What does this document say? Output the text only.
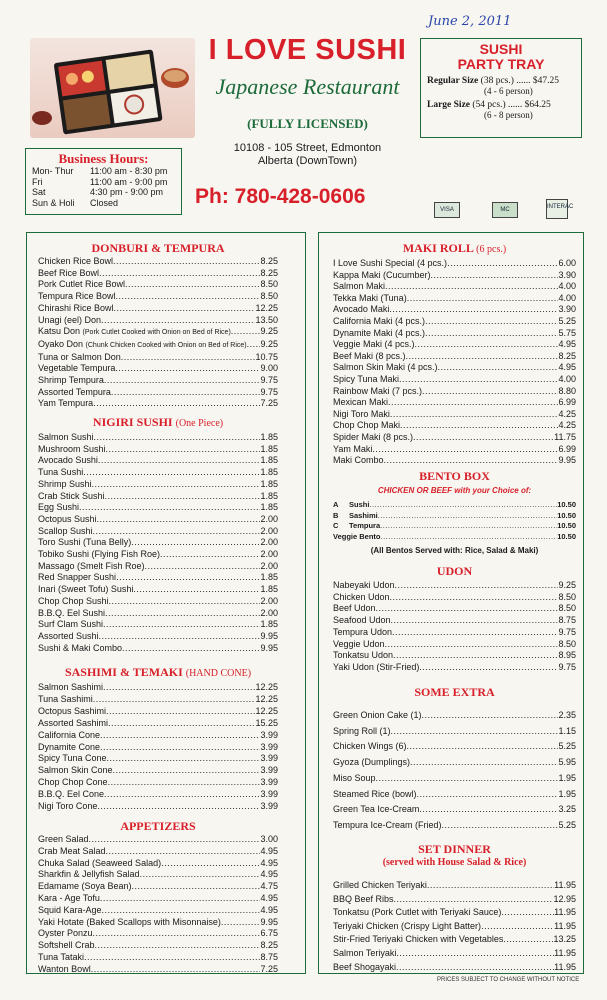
June 2, 2011
I LOVE SUSHI
Japanese Restaurant
(FULLY LICENSED)
SUSHI
PARTY TRAY
Regular Size
(38 pcs.) ......
$47.25
(4 - 6 person)
Large Size
(54 pcs.) ......
$64.25
(6 - 8 person)
Business Hours:
Mon- Thur	11:00 am - 8:30 pm
Fri	11:00 am - 9:00 pm
Sat	4:30 pm - 9:00 pm
Sun & Holi	Closed
10108 - 105 Street, Edmonton
Alberta (DownTown)
Ph: 780-428-0606
VISA	MC	INTERAC
PRICES SUBJECT TO CHANGE WITHOUT NOTICE
DONBURI & TEMPURA
Chicken Rice Bowl .....	8.25
Beef Rice Bowl .....	8.25
Pork Cutlet Rice Bowl .....	8.50
Tempura Rice Bowl .....	8.50
Chirashi Rice Bowl .....	12.25
Unagi (eel) Don .....	13.50
Katsu Don (Pork Cutlet Cooked with Onion on Bed of Rice) .....	9.25
Oyako Don (Chunk Chicken Cooked with Onion on Bed of Rice) ..... 9.25
Tuna or Salmon Don .....	10.75
Vegetable Tempura .....	9.00
Shrimp Tempura .....	9.75
Assorted Tempura .....	9.75
Yam Tempura .....	7.25
NIGIRI SUSHI (One Piece)
Salmon Sushi .....	1.85
Mushroom Sushi .....	1.85
Avocado Sushi .....	1.85
Tuna Sushi .....	1.85
Shrimp Sushi .....	1.85
Crab Stick Sushi .....	1.85
Egg Sushi .....	1.85
Octopus Sushi .....	2.00
Scallop Sushi .....	2.00
Toro Sushi (Tuna Belly) .....	2.00
Tobiko Sushi (Flying Fish Roe) .....	2.00
Massago (Smelt Fish Roe) .....	2.00
Red Snapper Sushi .....	1.85
Inari (Sweet Tofu) Sushi .....	1.85
Chop Chop Sushi .....	2.00
B.B.Q. Eel Sushi .....	2.00
Surf Clam Sushi .....	1.85
Assorted Sushi .....	9.95
Sushi & Maki Combo .....	9.95
SASHIMI & TEMAKI (HAND CONE)
Salmon Sashimi .....	12.25
Tuna Sashimi .....	12.25
Octopus Sashimi .....	12.25
Assorted Sashimi .....	15.25
California Cone .....	3.99
Dynamite Cone .....	3.99
Spicy Tuna Cone .....	3.99
Salmon Skin Cone .....	3.99
Chop Chop Cone .....	3.99
B.B.Q. Eel Cone .....	3.99
Nigi Toro Cone .....	3.99
APPETIZERS
Green Salad .....	3.00
Crab Meat Salad .....	4.95
Chuka Salad (Seaweed Salad) .....	4.95
Sharkfin & Jellyfish Salad .....	4.95
Edamame (Soya Bean) .....	4.75
Kara - Age Tofu .....	4.95
Squid Kara-Age .....	4.95
Yaki Hotate (Baked Scallops with Misonnaise) .....	9.95
Oyster Ponzu .....	6.75
Softshell Crab .....	8.25
Tuna Tataki .....	8.75
Wanton Bowl .....	7.25
MAKI ROLL (6 pcs.)
I Love Sushi Special (4 pcs.) .....	6.00
Kappa Maki (Cucumber) .....	3.90
Salmon Maki .....	4.00
Tekka Maki (Tuna) .....	4.00
Avocado Maki .....	3.90
California Maki (4 pcs.) .....	5.25
Dynamite Maki (4 pcs.) .....	5.75
Veggie Maki (4 pcs.) .....	4.95
Beef Maki (8 pcs.) .....	8.25
Salmon Skin Maki (4 pcs.) .....	4.95
Spicy Tuna Maki .....	4.00
Rainbow Maki (7 pcs.) .....	8.80
Mexican Maki .....	6.99
Nigi Toro Maki .....	4.25
Chop Chop Maki .....	4.25
Spider Maki (8 pcs.) .....	11.75
Yam Maki .....	6.99
Maki Combo .....	9.95
BENTO BOX
CHICKEN OR BEEF with your Choice of:
A	Sushi .....	10.50
B	Sashimi .....	10.50
C	Tempura .....	10.50
Veggie Bento .....	10.50
(All Bentos Served with: Rice, Salad & Maki)
UDON
Nabeyaki Udon .....	9.25
Chicken Udon .....	8.50
Beef Udon .....	8.50
Seafood Udon .....	8.75
Tempura Udon .....	9.75
Veggie Udon .....	8.50
Tonkatsu Udon .....	8.95
Yaki Udon (Stir-Fried) .....	9.75
SOME EXTRA
Green Onion Cake (1) .....	2.35
Spring Roll (1) .....	1.15
Chicken Wings (6) .....	5.25
Gyoza (Dumplings) .....	5.95
Miso Soup .....	1.95
Steamed Rice (bowl) .....	1.95
Green Tea Ice-Cream .....	3.25
Tempura Ice-Cream (Fried) .....	5.25
SET DINNER
(served with House Salad & Rice)
Grilled Chicken Teriyaki .....	11.95
BBQ Beef Ribs .....	12.95
Tonkatsu (Pork Cutlet with Teriyaki Sauce) .....	11.95
Teriyaki Chicken (Crispy Light Batter) .....	11.95
Stir-Fried Teriyaki Chicken with Vegetables .....	13.25
Salmon Teriyaki .....	11.95
Beef Shogayaki .....	11.95
